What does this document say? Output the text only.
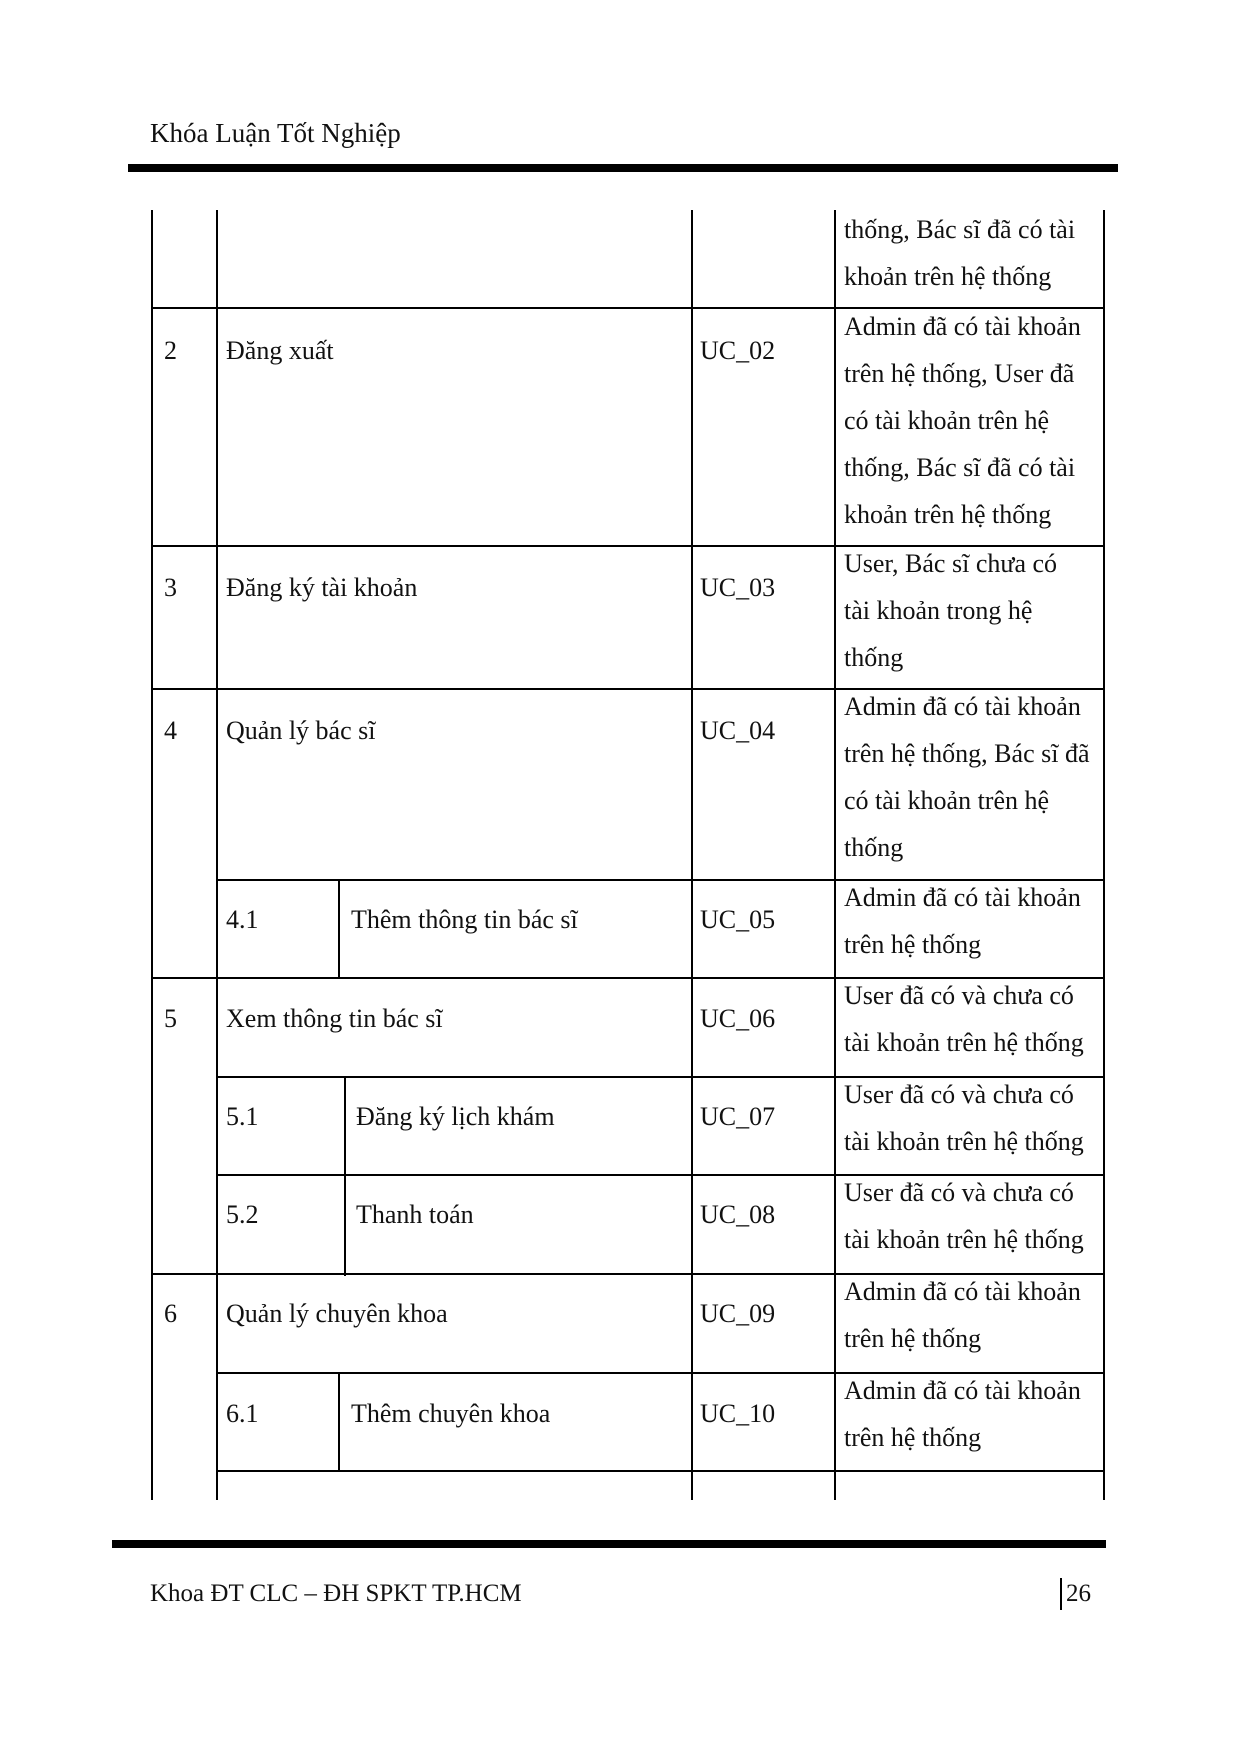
Khóa Luận Tốt Nghiệp
thống, Bác sĩ đã có tài
khoản trên hệ thống
2 Đăng xuất	UC_02
Admin đã có tài khoản
trên hệ thống, User đã
có tài khoản trên hệ
thống, Bác sĩ đã có tài
khoản trên hệ thống
3 Đăng ký tài khoản	UC_03
User, Bác sĩ chưa có
tài khoản trong hệ
thống
4 Quản lý bác sĩ	UC_04
Admin đã có tài khoản
trên hệ thống, Bác sĩ đã
có tài khoản trên hệ
thống
4.1	Thêm thông tin bác sĩ	UC_05
Admin đã có tài khoản
trên hệ thống
5 Xem thông tin bác sĩ	UC_06
User đã có và chưa có
tài khoản trên hệ thống
5.1	Đăng ký lịch khám	UC_07
User đã có và chưa có
tài khoản trên hệ thống
5.2	Thanh toán	UC_08
User đã có và chưa có
tài khoản trên hệ thống
6 Quản lý chuyên khoa	UC_09
Admin đã có tài khoản
trên hệ thống
6.1	Thêm chuyên khoa	UC_10
Admin đã có tài khoản
trên hệ thống
Khoa ĐT CLC – ĐH SPKT TP.HCM	26
